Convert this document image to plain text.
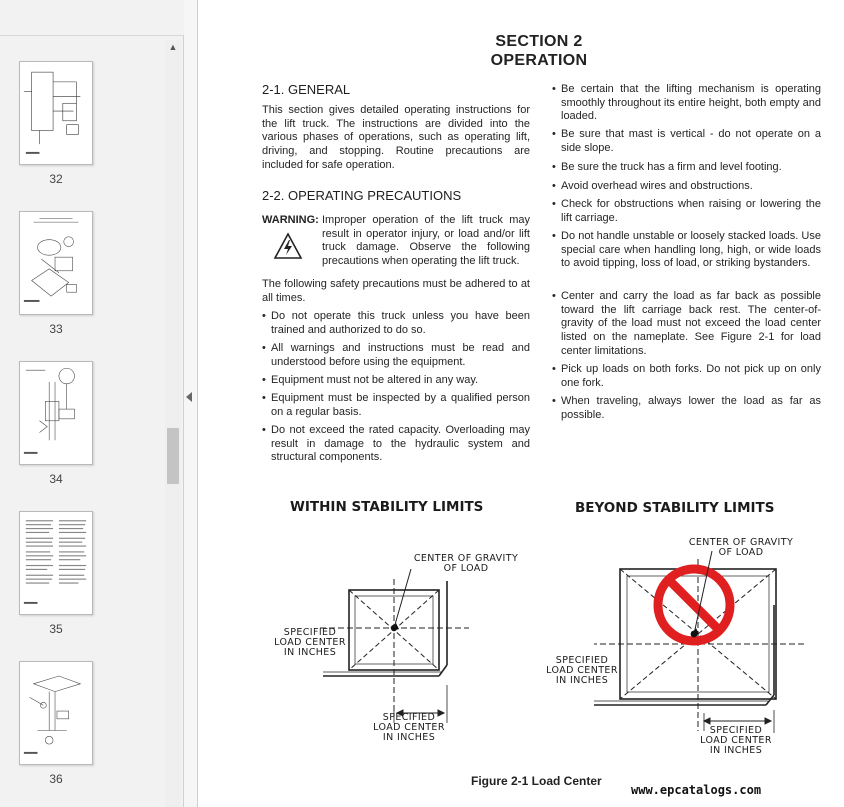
▲
32
33
34
35
36
SECTION 2
OPERATION
2-1. GENERAL
This section gives detailed operating instructions for the lift truck. The instructions are divided into the various phases of operations, such as operating lift, driving, and stopping. Routine precautions are included for safe operation.
2-2. OPERATING PRECAUTIONS
WARNING: Improper operation of the lift truck may result in operator injury, or load and/or lift truck damage. Observe the following precautions when operating the lift truck.
The following safety precautions must be adhered to at all times.
• Do not operate this truck unless you have been trained and authorized to do so.
• All warnings and instructions must be read and understood before using the equipment.
• Equipment must not be altered in any way.
• Equipment must be inspected by a qualified person on a regular basis.
• Do not exceed the rated capacity. Overloading may result in damage to the hydraulic system and structural components.
• Be certain that the lifting mechanism is operating smoothly throughout its entire height, both empty and loaded.
• Be sure that mast is vertical - do not operate on a side slope.
• Be sure the truck has a firm and level footing.
• Avoid overhead wires and obstructions.
• Check for obstructions when raising or lowering the lift carriage.
• Do not handle unstable or loosely stacked loads. Use special care when handling long, high, or wide loads to avoid tipping, loss of load, or striking bystanders.
• Center and carry the load as far back as possible toward the lift carriage back rest. The center-of-gravity of the load must not exceed the load center listed on the nameplate. See Figure 2-1 for load center limitations.
• Pick up loads on both forks. Do not pick up on only one fork.
• When traveling, always lower the load as far as possible.
WITHIN STABILITY LIMITS	BEYOND STABILITY LIMITS
CENTER OF GRAVITY
OF LOAD
SPECIFIED
LOAD CENTER
IN INCHES
SPECIFIED
LOAD CENTER
IN INCHES
CENTER OF GRAVITY
OF LOAD
SPECIFIED
LOAD CENTER
IN INCHES
SPECIFIED
LOAD CENTER
IN INCHES
Figure 2-1 Load Center
www.epcatalogs.com
